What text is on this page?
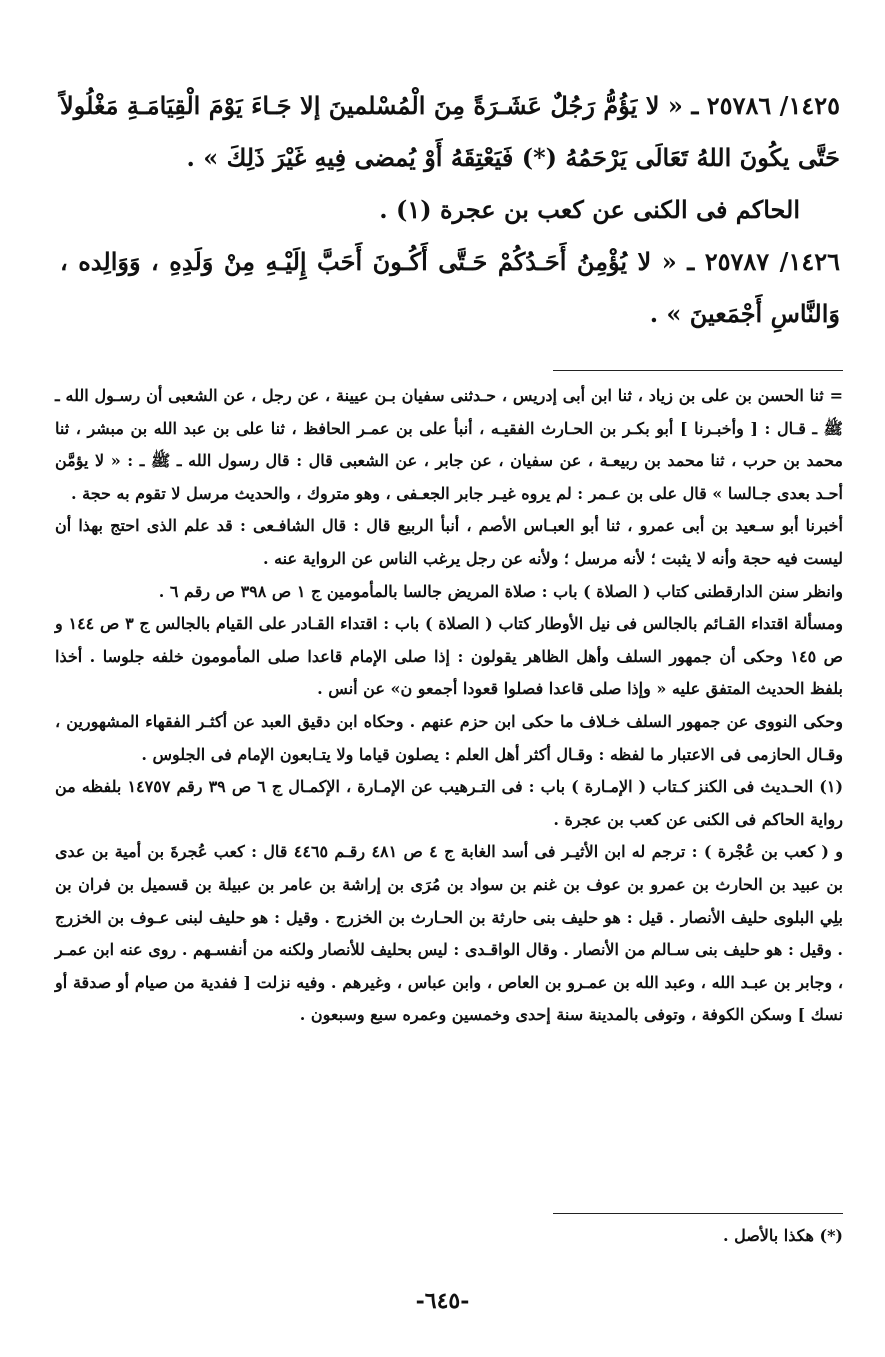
١٤٢٥/ ٢٥٧٨٦ ـ « لا يَؤُمُّ رَجُلٌ عَشَـرَةً مِنَ الْمُسْلمينَ إلا جَـاءَ يَوْمَ الْقِيَامَـةِ مَغْلُولاً حَتَّى يكُونَ اللهُ تَعَالَى يَرْحَمُهُ (*) فَيَعْتِقَهُ أَوْ يُمضى فِيهِ غَيْرَ ذَلِكَ » .

الحاكم فى الكنى عن كعب بن عجرة (١) .

١٤٢٦/ ٢٥٧٨٧ ـ « لا يُؤْمِنُ أَحَـدُكُمْ حَـتَّى أَكُـونَ أَحَبَّ إِلَيْـهِ مِنْ وَلَدِهِ ، وَوَالِده ، وَالنَّاسِ أَجْمَعينَ » .

= ثنا الحسن بن على بن زياد ، ثنا ابن أبى إدريس ، حـدثنى سفيان بـن عيينة ، عن رجل ، عن الشعبى أن رسـول الله ـ ﷺ ـ قـال : [ وأخبـرنا ] أبو بكـر بن الحـارث الفقيـه ، أنبأ على بن عمـر الحافظ ، ثنا على بن عبد الله بن مبشر ، ثنا محمد بن حرب ، ثنا محمد بن ربيعـة ، عن سفيان ، عن جابر ، عن الشعبى قال : قال رسول الله ـ ﷺ ـ : « لا يؤمَّن أحـد بعدى جـالسا » قال على بن عـمر : لم يروه غيـر جابر الجعـفى ، وهو متروك ، والحديث مرسل لا تقوم به حجة .

أخبرنا أبو سـعيد بن أبى عمرو ، ثنا أبو العبـاس الأصم ، أنبأ الربيع قال : قال الشافـعى : قد علم الذى احتج بهذا أن ليست فيه حجة وأنه لا يثبت ؛ لأنه مرسل ؛ ولأنه عن رجل يرغب الناس عن الرواية عنه .

وانظر سنن الدارقطنى كتاب ( الصلاة ) باب : صلاة المريض جالسا بالمأمومين ج ١ ص ٣٩٨ ص رقم ٦ .

ومسألة اقتداء القـائم بالجالس فى نيل الأوطار كتاب ( الصلاة ) باب : اقتداء القـادر على القيام بالجالس ج ٣ ص ١٤٤ و ص ١٤٥ وحكى أن جمهور السلف وأهل الظاهر يقولون : إذا صلى الإمام قاعدا صلى المأمومون خلفه جلوسا . أخذا بلفظ الحديث المتفق عليه « وإذا صلى قاعدا فصلوا قعودا أجمعو ن» عن أنس .

وحكى النووى عن جمهور السلف خـلاف ما حكى ابن حزم عنهم . وحكاه ابن دقيق العبد عن أكثـر الفقهاء المشهورين ، وقـال الحازمى فى الاعتبار ما لفظه : وقـال أكثر أهل العلم : يصلون قياما ولا يتـابعون الإمام فى الجلوس .

(١) الحـديث فى الكنز كـتاب ( الإمـارة ) باب : فى التـرهيب عن الإمـارة ، الإكمـال ج ٦ ص ٣٩ رقم ١٤٧٥٧ بلفظه من رواية الحاكم فى الكنى عن كعب بن عجرة .

و ( كعب بن عُجْرة ) : ترجم له ابن الأثيـر فى أسد الغابة ج ٤ ص ٤٨١ رقـم ٤٤٦٥ قال : كعب عُجرةَ بن أمية بن عدى بن عبيد بن الحارث بن عمرو بن عوف بن غنم بن سواد بن مُرَى بن إراشة بن عامر بن عبيلة بن قسميل بن فران بن بلِي البلوى حليف الأنصار . قيل : هو حليف بنى حارثة بن الحـارث بن الخزرج . وقيل : هو حليف لبنى عـوف بن الخزرج . وقيل : هو حليف بنى سـالم من الأنصار . وقال الواقـدى : ليس بحليف للأنصار ولكنه من أنفسـهم . روى عنه ابن عمـر ، وجابر بن عبـد الله ، وعبد الله بن عمـرو بن العاص ، وابن عباس ، وغيرهم . وفيه نزلت [ ففدية من صيام أو صدقة أو نسك ] وسكن الكوفة ، وتوفى بالمدينة سنة إحدى وخمسين وعمره سبع وسبعون .

(*) هكذا بالأصل .
-٦٤٥-
